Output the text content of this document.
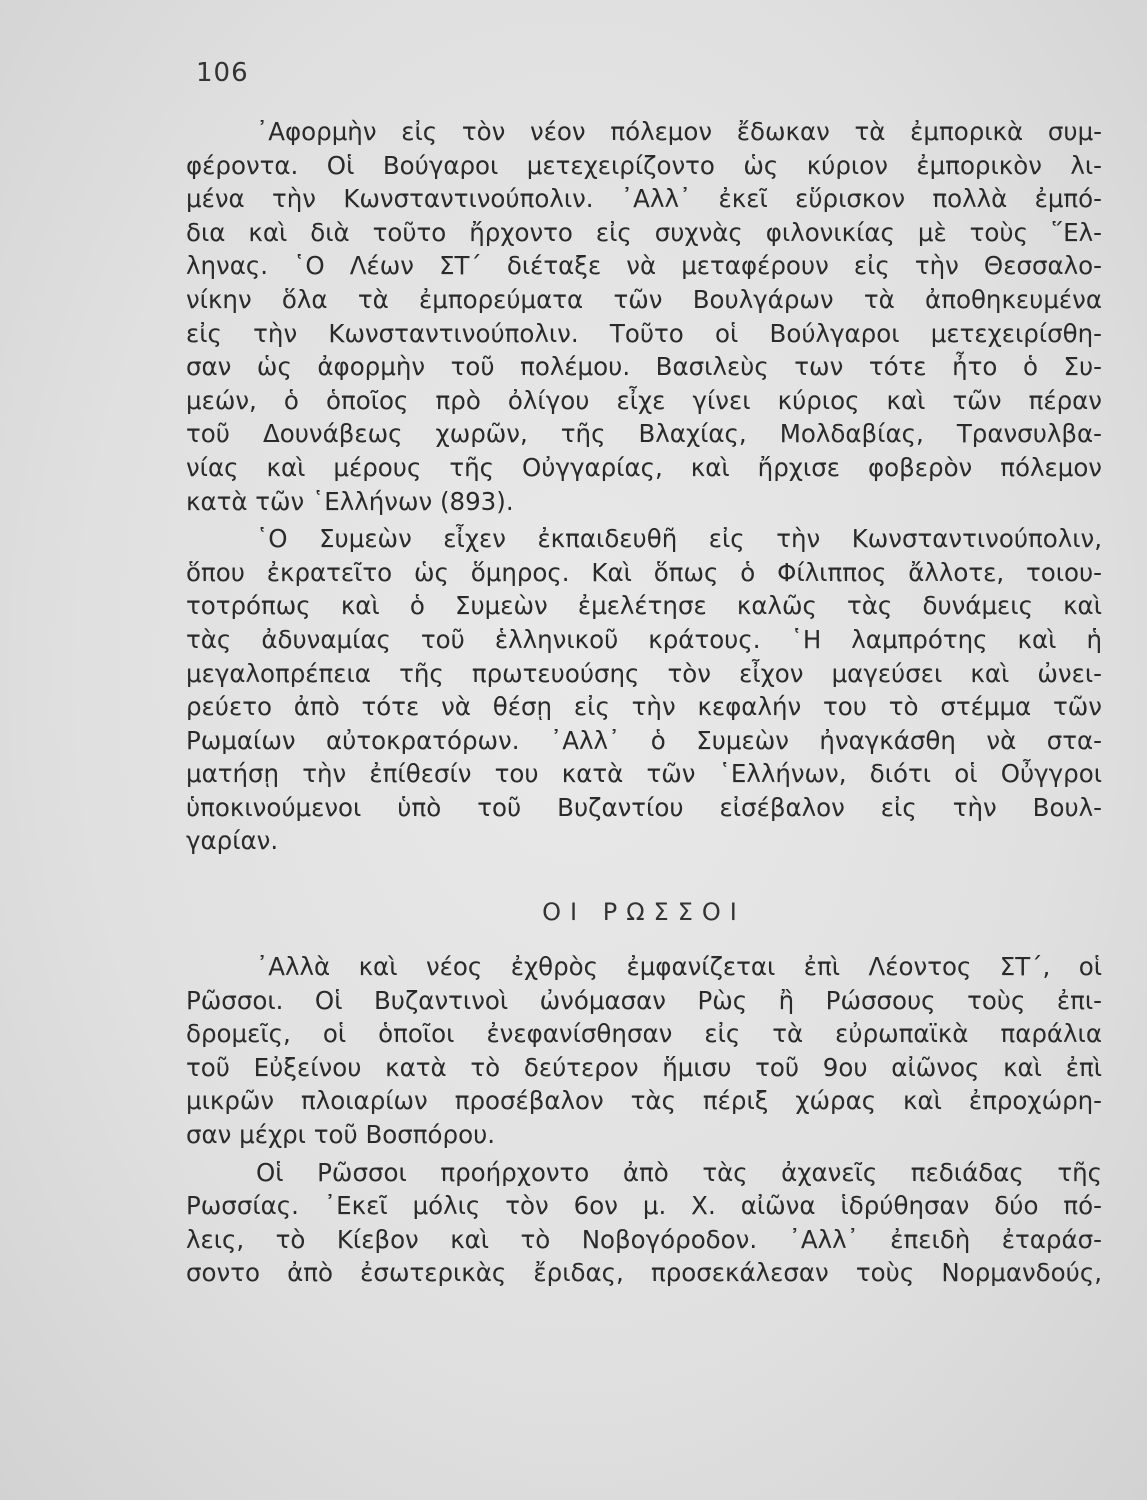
106

᾽Αφορμὴν εἰς τὸν νέον πόλεμον ἔδωκαν τὰ ἐμπορικὰ συμ-
φέροντα. Οἱ Βούγαροι μετεχειρίζοντο ὡς κύριον ἐμπορικὸν λι-
μένα τὴν Κωνσταντινούπολιν. ᾽Αλλ᾽ ἐκεῖ εὕρισκον πολλὰ ἐμπό-
δια καὶ διὰ τοῦτο ἤρχοντο εἰς συχνὰς φιλονικίας μὲ τοὺς ῞Ελ-
ληνας. ῾Ο Λέων ΣΤ΄ διέταξε νὰ μεταφέρουν εἰς τὴν Θεσσαλο-
νίκην ὅλα τὰ ἐμπορεύματα τῶν Βουλγάρων τὰ ἀποθηκευμένα
εἰς τὴν Κωνσταντινούπολιν. Τοῦτο οἱ Βούλγαροι μετεχειρίσθη-
σαν ὡς ἀφορμὴν τοῦ πολέμου. Βασιλεὺς των τότε ἦτο ὁ Συ-
μεών, ὁ ὁποῖος πρὸ ὀλίγου εἶχε γίνει κύριος καὶ τῶν πέραν
τοῦ Δουνάβεως χωρῶν, τῆς Βλαχίας, Μολδαβίας, Τρανσυλβα-
νίας καὶ μέρους τῆς Οὐγγαρίας, καὶ ἤρχισε φοβερὸν πόλεμον
κατὰ τῶν ῾Ελλήνων (893).

῾Ο Συμεὼν εἶχεν ἐκπαιδευθῆ εἰς τὴν Κωνσταντινούπολιν,
ὅπου ἐκρατεῖτο ὡς ὅμηρος. Καὶ ὅπως ὁ Φίλιππος ἄλλοτε, τοιου-
τοτρόπως καὶ ὁ Συμεὼν ἐμελέτησε καλῶς τὰς δυνάμεις καὶ
τὰς ἀδυναμίας τοῦ ἑλληνικοῦ κράτους. ῾Η λαμπρότης καὶ ἡ
μεγαλοπρέπεια τῆς πρωτευούσης τὸν εἶχον μαγεύσει καὶ ὠνει-
ρεύετο ἀπὸ τότε νὰ θέσῃ εἰς τὴν κεφαλήν του τὸ στέμμα τῶν
Ρωμαίων αὐτοκρατόρων. ᾽Αλλ᾽ ὁ Συμεὼν ἠναγκάσθη νὰ στα-
ματήσῃ τὴν ἐπίθεσίν του κατὰ τῶν ῾Ελλήνων, διότι οἱ Οὖγγροι
ὑποκινούμενοι ὑπὸ τοῦ Βυζαντίου εἰσέβαλον εἰς τὴν Βουλ-
γαρίαν.

ΟΙ ΡΩΣΣΟΙ

᾽Αλλὰ καὶ νέος ἐχθρὸς ἐμφανίζεται ἐπὶ Λέοντος ΣΤ΄, οἱ
Ρῶσσοι. Οἱ Βυζαντινοὶ ὠνόμασαν Ρὼς ἢ Ρώσσους τοὺς ἐπι-
δρομεῖς, οἱ ὁποῖοι ἐνεφανίσθησαν εἰς τὰ εὐρωπαϊκὰ παράλια
τοῦ Εὐξείνου κατὰ τὸ δεύτερον ἥμισυ τοῦ 9ου αἰῶνος καὶ ἐπὶ
μικρῶν πλοιαρίων προσέβαλον τὰς πέριξ χώρας καὶ ἐπροχώρη-
σαν μέχρι τοῦ Βοσπόρου.

Οἱ Ρῶσσοι προήρχοντο ἀπὸ τὰς ἀχανεῖς πεδιάδας τῆς
Ρωσσίας. ᾽Εκεῖ μόλις τὸν 6ον μ. Χ. αἰῶνα ἱδρύθησαν δύο πό-
λεις, τὸ Κίεβον καὶ τὸ Νοβογόροδον. ᾽Αλλ᾽ ἐπειδὴ ἐταράσ-
σοντο ἀπὸ ἐσωτερικὰς ἔριδας, προσεκάλεσαν τοὺς Νορμανδούς,
